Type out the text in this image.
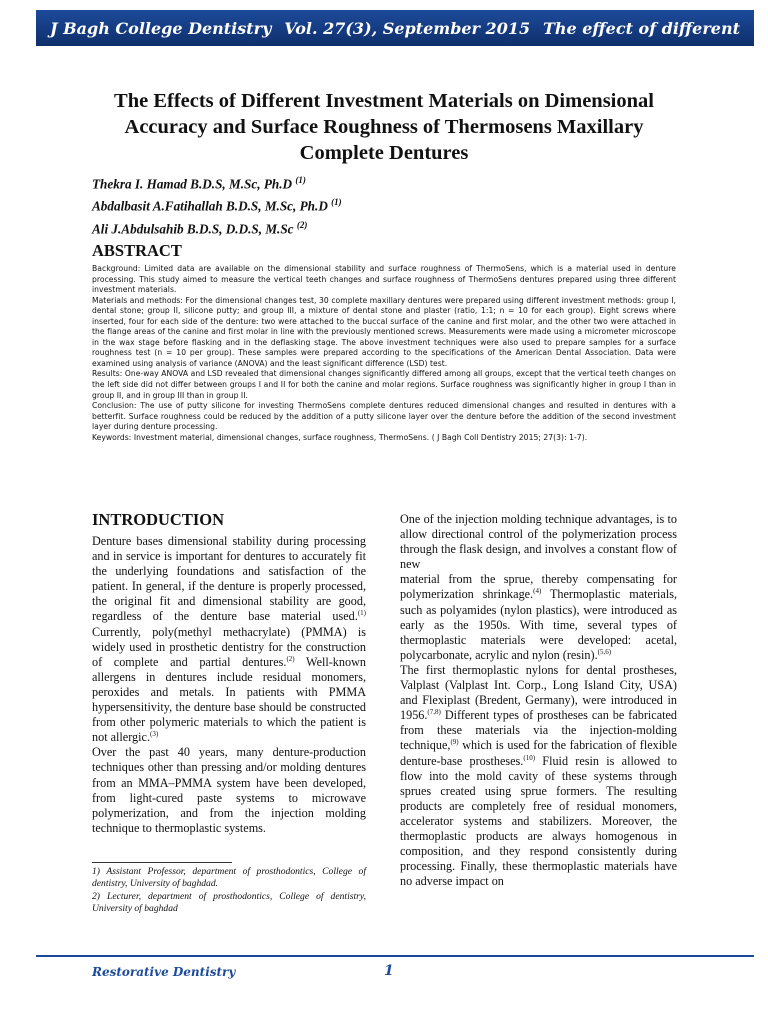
J Bagh College Dentistry Vol. 27(3), September 2015 The effect of different
The Effects of Different Investment Materials on Dimensional Accuracy and Surface Roughness of Thermosens Maxillary Complete Dentures
Thekra I. Hamad B.D.S, M.Sc, Ph.D $^{(1)}$
Abdalbasit A.Fatihallah B.D.S, M.Sc, Ph.D $^{(1)}$
Ali J.Abdulsahib B.D.S, D.D.S, M.Sc $^{(2)}$
ABSTRACT

Background: Limited data are available on the dimensional stability and surface roughness of ThermoSens, which is a material used in denture processing. This study aimed to measure the vertical teeth changes and surface roughness of ThermoSens dentures prepared using three different investment materials.

Materials and methods: For the dimensional changes test, 30 complete maxillary dentures were prepared using different investment methods: group I, dental stone; group II, silicone putty; and group III, a mixture of dental stone and plaster (ratio, 1:1; n = 10 for each group). Eight screws where inserted, four for each side of the denture: two were attached to the buccal surface of the canine and first molar, and the other two were attached in the flange areas of the canine and first molar in line with the previously mentioned screws. Measurements were made using a micrometer microscope in the wax stage before flasking and in the deflasking stage. The above investment techniques were also used to prepare samples for a surface roughness test (n = 10 per group). These samples were prepared according to the specifications of the American Dental Association. Data were examined using analysis of variance (ANOVA) and the least significant difference (LSD) test.

Results: One-way ANOVA and LSD revealed that dimensional changes significantly differed among all groups, except that the vertical teeth changes on the left side did not differ between groups I and II for both the canine and molar regions. Surface roughness was significantly higher in group I than in group II, and in group III than in group II.

Conclusion: The use of putty silicone for investing ThermoSens complete dentures reduced dimensional changes and resulted in dentures with a betterfit. Surface roughness could be reduced by the addition of a putty silicone layer over the denture before the addition of the second investment layer during denture processing.

Keywords: Investment material, dimensional changes, surface roughness, ThermoSens. ( J Bagh Coll Dentistry 2015; 27(3): 1-7).

INTRODUCTION

Denture bases dimensional stability during processing and in service is important for dentures to accurately fit the underlying foundations and satisfaction of the patient. In general, if the denture is properly processed, the original fit and dimensional stability are good, regardless of the denture base material used.$^{(1)}$ Currently, poly(methyl methacrylate) (PMMA) is widely used in prosthetic dentistry for the construction of complete and partial dentures.$^{(2)}$ Well-known allergens in dentures include residual monomers, peroxides and metals. In patients with PMMA hypersensitivity, the denture base should be constructed from other polymeric materials to which the patient is not allergic.$^{(3)}$

Over the past 40 years, many denture-production techniques other than pressing and/or molding dentures from an MMA–PMMA system have been developed, from light-cured paste systems to microwave polymerization, and from the injection molding technique to thermoplastic systems.

One of the injection molding technique advantages, is to allow directional control of the polymerization process through the flask design, and involves a constant flow of new

material from the sprue, thereby compensating for polymerization shrinkage.$^{(4)}$ Thermoplastic materials, such as polyamides (nylon plastics), were introduced as early as the 1950s. With time, several types of thermoplastic materials were developed: acetal, polycarbonate, acrylic and nylon (resin).$^{(5,6)}$

The first thermoplastic nylons for dental prostheses, Valplast (Valplast Int. Corp., Long Island City, USA) and Flexiplast (Bredent, Germany), were introduced in 1956.$^{(7,8)}$ Different types of prostheses can be fabricated from these materials via the injection-molding technique,$^{(9)}$ which is used for the fabrication of flexible denture-base prostheses.$^{(10)}$ Fluid resin is allowed to flow into the mold cavity of these systems through sprues created using sprue formers. The resulting products are completely free of residual monomers, accelerator systems and stabilizers. Moreover, the thermoplastic products are always homogenous in composition, and they respond consistently during processing. Finally, these thermoplastic materials have no adverse impact on

1) Assistant Professor, department of prosthodontics, College of dentistry, University of baghdad.

2) Lecturer, department of prosthodontics, College of dentistry, University of baghdad

Restorative Dentistry	1
